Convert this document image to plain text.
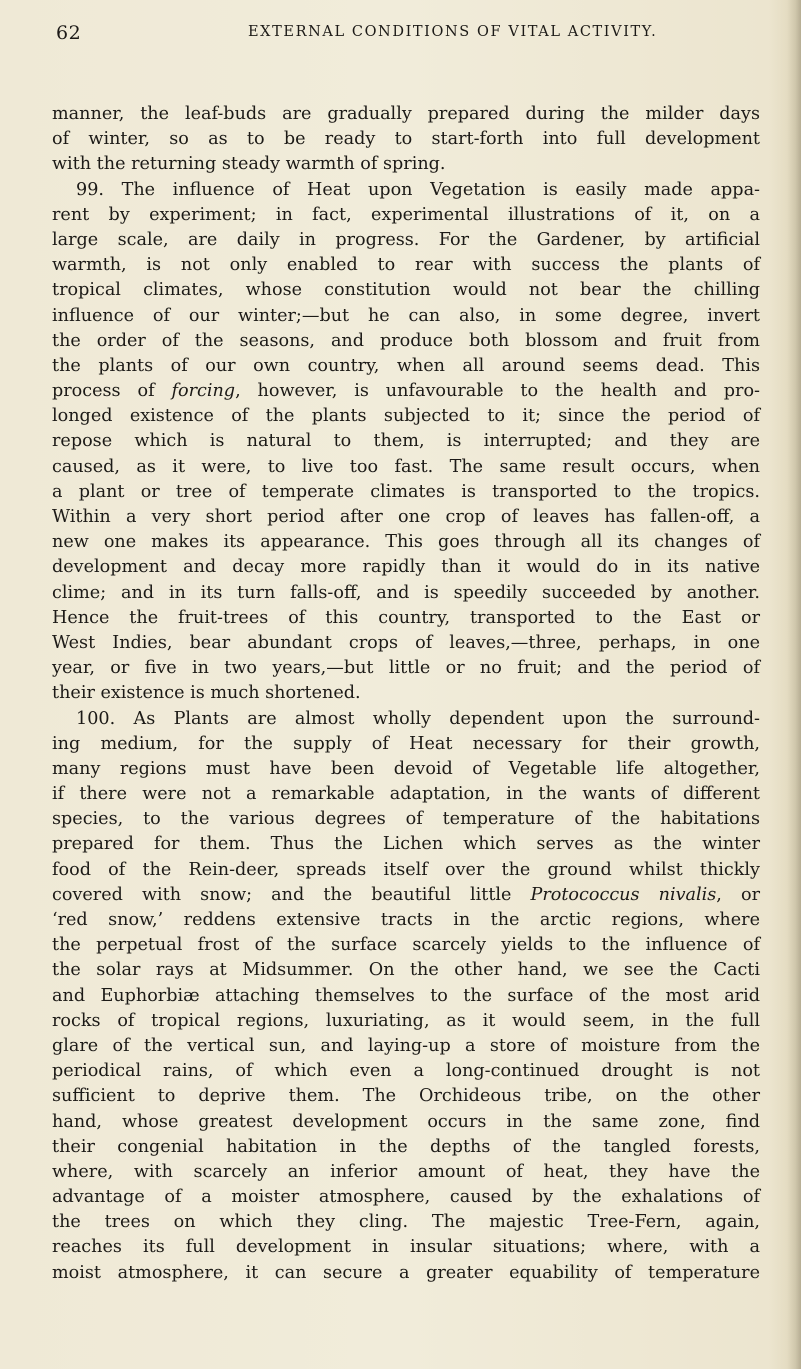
62	EXTERNAL CONDITIONS OF VITAL ACTIVITY.
manner, the leaf-buds are gradually prepared during the milder days
of winter, so as to be ready to start-forth into full development
with the returning steady warmth of spring.
99. The influence of Heat upon Vegetation is easily made appa-
rent by experiment; in fact, experimental illustrations of it, on a
large scale, are daily in progress. For the Gardener, by artificial
warmth, is not only enabled to rear with success the plants of
tropical climates, whose constitution would not bear the chilling
influence of our winter;—but he can also, in some degree, invert
the order of the seasons, and produce both blossom and fruit from
the plants of our own country, when all around seems dead. This
process of forcing, however, is unfavourable to the health and pro-
longed existence of the plants subjected to it; since the period of
repose which is natural to them, is interrupted; and they are
caused, as it were, to live too fast. The same result occurs, when
a plant or tree of temperate climates is transported to the tropics.
Within a very short period after one crop of leaves has fallen-off, a
new one makes its appearance. This goes through all its changes of
development and decay more rapidly than it would do in its native
clime; and in its turn falls-off, and is speedily succeeded by another.
Hence the fruit-trees of this country, transported to the East or
West Indies, bear abundant crops of leaves,—three, perhaps, in one
year, or five in two years,—but little or no fruit; and the period of
their existence is much shortened.
100. As Plants are almost wholly dependent upon the surround-
ing medium, for the supply of Heat necessary for their growth,
many regions must have been devoid of Vegetable life altogether,
if there were not a remarkable adaptation, in the wants of different
species, to the various degrees of temperature of the habitations
prepared for them. Thus the Lichen which serves as the winter
food of the Rein-deer, spreads itself over the ground whilst thickly
covered with snow; and the beautiful little Protococcus nivalis, or
‘red snow,’ reddens extensive tracts in the arctic regions, where
the perpetual frost of the surface scarcely yields to the influence of
the solar rays at Midsummer. On the other hand, we see the Cacti
and Euphorbiæ attaching themselves to the surface of the most arid
rocks of tropical regions, luxuriating, as it would seem, in the full
glare of the vertical sun, and laying-up a store of moisture from the
periodical rains, of which even a long-continued drought is not
sufficient to deprive them. The Orchideous tribe, on the other
hand, whose greatest development occurs in the same zone, find
their congenial habitation in the depths of the tangled forests,
where, with scarcely an inferior amount of heat, they have the
advantage of a moister atmosphere, caused by the exhalations of
the trees on which they cling. The majestic Tree-Fern, again,
reaches its full development in insular situations; where, with a
moist atmosphere, it can secure a greater equability of temperature
